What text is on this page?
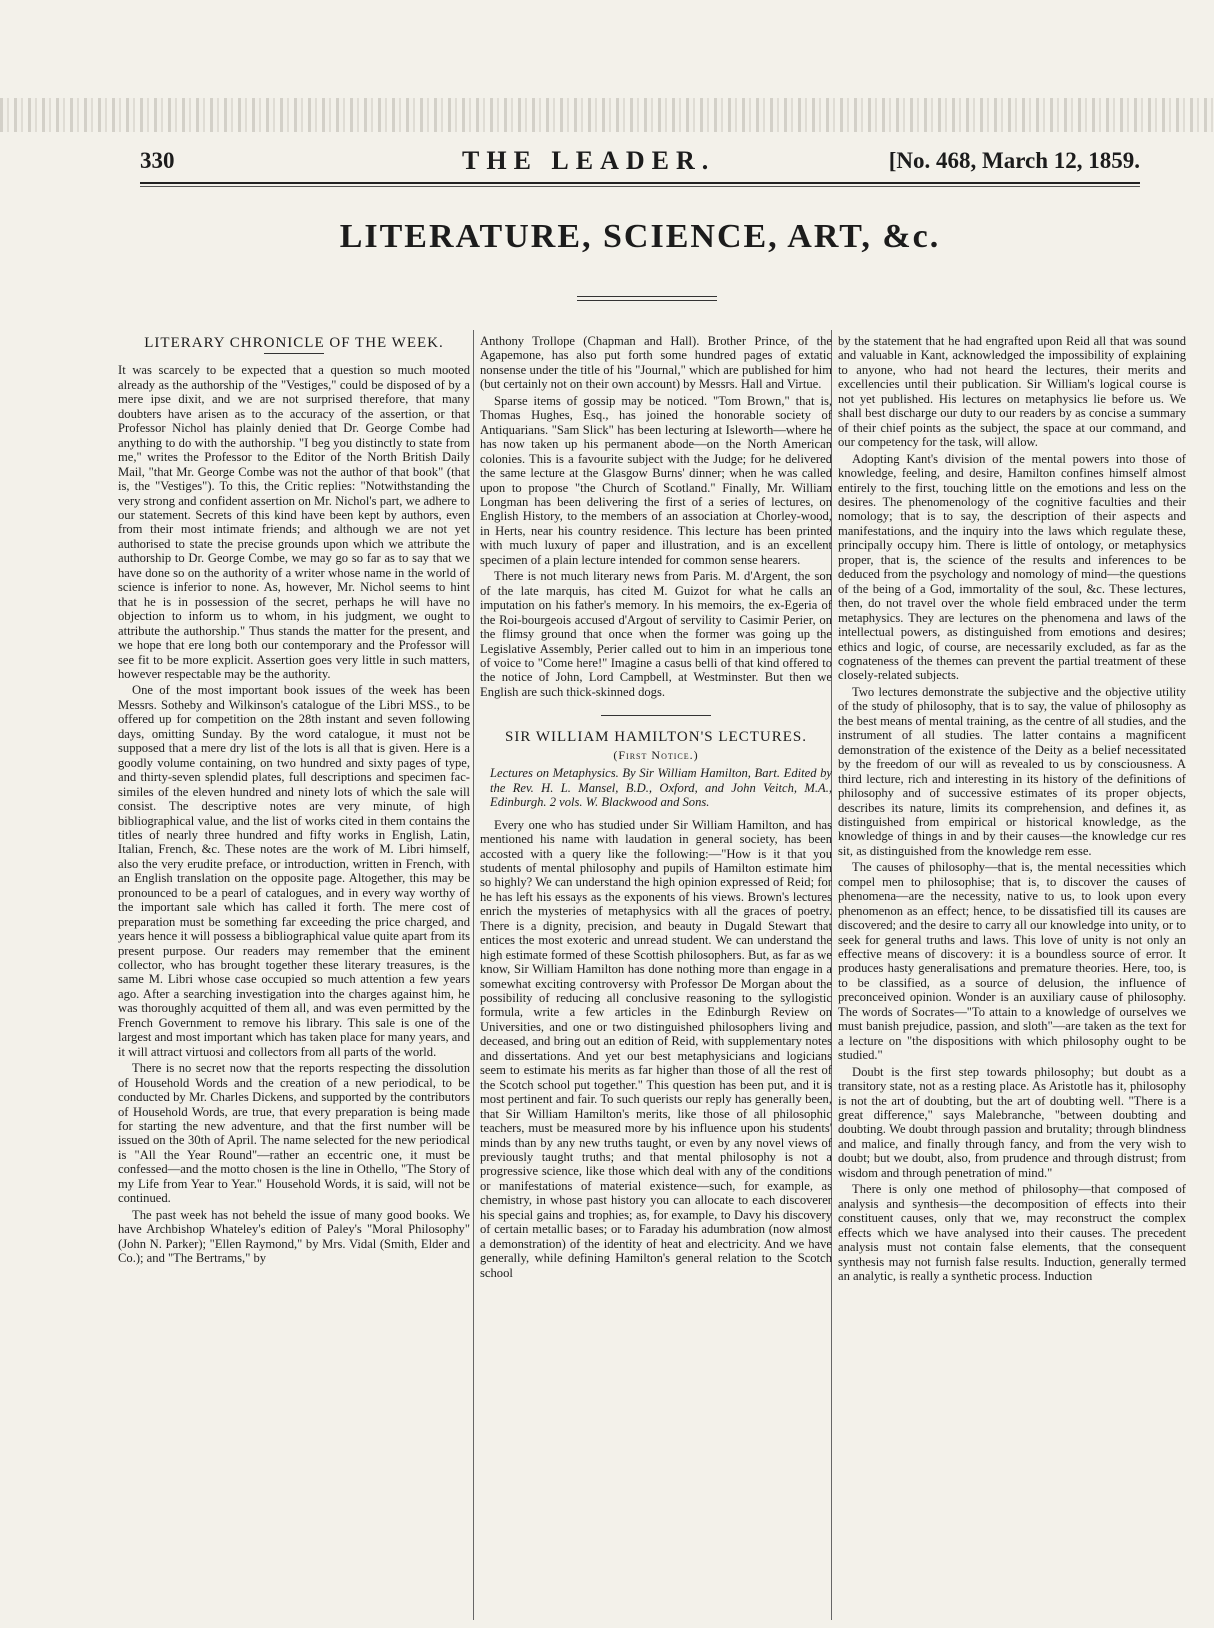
330	THE LEADER.	[No. 468, March 12, 1859.
LITERATURE, SCIENCE, ART, &c.
LITERARY CHRONICLE OF THE WEEK.

It was scarcely to be expected that a question so much mooted already as the authorship of the "Vestiges," could be disposed of by a mere ipse dixit, and we are not surprised therefore, that many doubters have arisen as to the accuracy of the assertion, or that Professor Nichol has plainly denied that Dr. George Combe had anything to do with the authorship. "I beg you distinctly to state from me," writes the Professor to the Editor of the North British Daily Mail, "that Mr. George Combe was not the author of that book" (that is, the "Vestiges"). To this, the Critic replies: "Notwithstanding the very strong and confident assertion on Mr. Nichol's part, we adhere to our statement. Secrets of this kind have been kept by authors, even from their most intimate friends; and although we are not yet authorised to state the precise grounds upon which we attribute the authorship to Dr. George Combe, we may go so far as to say that we have done so on the authority of a writer whose name in the world of science is inferior to none. As, however, Mr. Nichol seems to hint that he is in possession of the secret, perhaps he will have no objection to inform us to whom, in his judgment, we ought to attribute the authorship." Thus stands the matter for the present, and we hope that ere long both our contemporary and the Professor will see fit to be more explicit. Assertion goes very little in such matters, however respectable may be the authority.

One of the most important book issues of the week has been Messrs. Sotheby and Wilkinson's catalogue of the Libri MSS., to be offered up for competition on the 28th instant and seven following days, omitting Sunday. By the word catalogue, it must not be supposed that a mere dry list of the lots is all that is given. Here is a goodly volume containing, on two hundred and sixty pages of type, and thirty-seven splendid plates, full descriptions and specimen fac-similes of the eleven hundred and ninety lots of which the sale will consist. The descriptive notes are very minute, of high bibliographical value, and the list of works cited in them contains the titles of nearly three hundred and fifty works in English, Latin, Italian, French, &c. These notes are the work of M. Libri himself, also the very erudite preface, or introduction, written in French, with an English translation on the opposite page. Altogether, this may be pronounced to be a pearl of catalogues, and in every way worthy of the important sale which has called it forth. The mere cost of preparation must be something far exceeding the price charged, and years hence it will possess a bibliographical value quite apart from its present purpose. Our readers may remember that the eminent collector, who has brought together these literary treasures, is the same M. Libri whose case occupied so much attention a few years ago. After a searching investigation into the charges against him, he was thoroughly acquitted of them all, and was even permitted by the French Government to remove his library. This sale is one of the largest and most important which has taken place for many years, and it will attract virtuosi and collectors from all parts of the world.

There is no secret now that the reports respecting the dissolution of Household Words and the creation of a new periodical, to be conducted by Mr. Charles Dickens, and supported by the contributors of Household Words, are true, that every preparation is being made for starting the new adventure, and that the first number will be issued on the 30th of April. The name selected for the new periodical is "All the Year Round"—rather an eccentric one, it must be confessed—and the motto chosen is the line in Othello, "The Story of my Life from Year to Year." Household Words, it is said, will not be continued.

The past week has not beheld the issue of many good books. We have Archbishop Whateley's edition of Paley's "Moral Philosophy" (John N. Parker); "Ellen Raymond," by Mrs. Vidal (Smith, Elder and Co.); and "The Bertrams," by

Anthony Trollope (Chapman and Hall). Brother Prince, of the Agapemone, has also put forth some hundred pages of extatic nonsense under the title of his "Journal," which are published for him (but certainly not on their own account) by Messrs. Hall and Virtue.

Sparse items of gossip may be noticed. "Tom Brown," that is, Thomas Hughes, Esq., has joined the honorable society of Antiquarians. "Sam Slick" has been lecturing at Isleworth—where he has now taken up his permanent abode—on the North American colonies. This is a favourite subject with the Judge; for he delivered the same lecture at the Glasgow Burns' dinner; when he was called upon to propose "the Church of Scotland." Finally, Mr. William Longman has been delivering the first of a series of lectures, on English History, to the members of an association at Chorley-wood, in Herts, near his country residence. This lecture has been printed with much luxury of paper and illustration, and is an excellent specimen of a plain lecture intended for common sense hearers.

There is not much literary news from Paris. M. d'Argent, the son of the late marquis, has cited M. Guizot for what he calls an imputation on his father's memory. In his memoirs, the ex-Egeria of the Roi-bourgeois accused d'Argout of servility to Casimir Perier, on the flimsy ground that once when the former was going up the Legislative Assembly, Perier called out to him in an imperious tone of voice to "Come here!" Imagine a casus belli of that kind offered to the notice of John, Lord Campbell, at Westminster. But then we English are such thick-skinned dogs.

SIR WILLIAM HAMILTON'S LECTURES.
(First Notice.)

Lectures on Metaphysics. By Sir William Hamilton, Bart. Edited by the Rev. H. L. Mansel, B.D., Oxford, and John Veitch, M.A., Edinburgh. 2 vols. W. Blackwood and Sons.

Every one who has studied under Sir William Hamilton, and has mentioned his name with laudation in general society, has been accosted with a query like the following:—"How is it that you students of mental philosophy and pupils of Hamilton estimate him so highly? We can understand the high opinion expressed of Reid; for he has left his essays as the exponents of his views. Brown's lectures enrich the mysteries of metaphysics with all the graces of poetry. There is a dignity, precision, and beauty in Dugald Stewart that entices the most exoteric and unread student. We can understand the high estimate formed of these Scottish philosophers. But, as far as we know, Sir William Hamilton has done nothing more than engage in a somewhat exciting controversy with Professor De Morgan about the possibility of reducing all conclusive reasoning to the syllogistic formula, write a few articles in the Edinburgh Review on Universities, and one or two distinguished philosophers living and deceased, and bring out an edition of Reid, with supplementary notes and dissertations. And yet our best metaphysicians and logicians seem to estimate his merits as far higher than those of all the rest of the Scotch school put together." This question has been put, and it is most pertinent and fair. To such querists our reply has generally been, that Sir William Hamilton's merits, like those of all philosophic teachers, must be measured more by his influence upon his students' minds than by any new truths taught, or even by any novel views of previously taught truths; and that mental philosophy is not a progressive science, like those which deal with any of the conditions or manifestations of material existence—such, for example, as chemistry, in whose past history you can allocate to each discoverer his special gains and trophies; as, for example, to Davy his discovery of certain metallic bases; or to Faraday his adumbration (now almost a demonstration) of the identity of heat and electricity. And we have generally, while defining Hamilton's general relation to the Scotch school

by the statement that he had engrafted upon Reid all that was sound and valuable in Kant, acknowledged the impossibility of explaining to anyone, who had not heard the lectures, their merits and excellencies until their publication. Sir William's logical course is not yet published. His lectures on metaphysics lie before us. We shall best discharge our duty to our readers by as concise a summary of their chief points as the subject, the space at our command, and our competency for the task, will allow.

Adopting Kant's division of the mental powers into those of knowledge, feeling, and desire, Hamilton confines himself almost entirely to the first, touching little on the emotions and less on the desires. The phenomenology of the cognitive faculties and their nomology; that is to say, the description of their aspects and manifestations, and the inquiry into the laws which regulate these, principally occupy him. There is little of ontology, or metaphysics proper, that is, the science of the results and inferences to be deduced from the psychology and nomology of mind—the questions of the being of a God, immortality of the soul, &c. These lectures, then, do not travel over the whole field embraced under the term metaphysics. They are lectures on the phenomena and laws of the intellectual powers, as distinguished from emotions and desires; ethics and logic, of course, are necessarily excluded, as far as the cognateness of the themes can prevent the partial treatment of these closely-related subjects.

Two lectures demonstrate the subjective and the objective utility of the study of philosophy, that is to say, the value of philosophy as the best means of mental training, as the centre of all studies, and the instrument of all studies. The latter contains a magnificent demonstration of the existence of the Deity as a belief necessitated by the freedom of our will as revealed to us by consciousness. A third lecture, rich and interesting in its history of the definitions of philosophy and of successive estimates of its proper objects, describes its nature, limits its comprehension, and defines it, as distinguished from empirical or historical knowledge, as the knowledge of things in and by their causes—the knowledge cur res sit, as distinguished from the knowledge rem esse.

The causes of philosophy—that is, the mental necessities which compel men to philosophise; that is, to discover the causes of phenomena—are the necessity, native to us, to look upon every phenomenon as an effect; hence, to be dissatisfied till its causes are discovered; and the desire to carry all our knowledge into unity, or to seek for general truths and laws. This love of unity is not only an effective means of discovery: it is a boundless source of error. It produces hasty generalisations and premature theories. Here, too, is to be classified, as a source of delusion, the influence of preconceived opinion. Wonder is an auxiliary cause of philosophy. The words of Socrates—"To attain to a knowledge of ourselves we must banish prejudice, passion, and sloth"—are taken as the text for a lecture on "the dispositions with which philosophy ought to be studied."

Doubt is the first step towards philosophy; but doubt as a transitory state, not as a resting place. As Aristotle has it, philosophy is not the art of doubting, but the art of doubting well. "There is a great difference," says Malebranche, "between doubting and doubting. We doubt through passion and brutality; through blindness and malice, and finally through fancy, and from the very wish to doubt; but we doubt, also, from prudence and through distrust; from wisdom and through penetration of mind."

There is only one method of philosophy—that composed of analysis and synthesis—the decomposition of effects into their constituent causes, only that we, may reconstruct the complex effects which we have analysed into their causes. The precedent analysis must not contain false elements, that the consequent synthesis may not furnish false results. Induction, generally termed an analytic, is really a synthetic process. Induction
